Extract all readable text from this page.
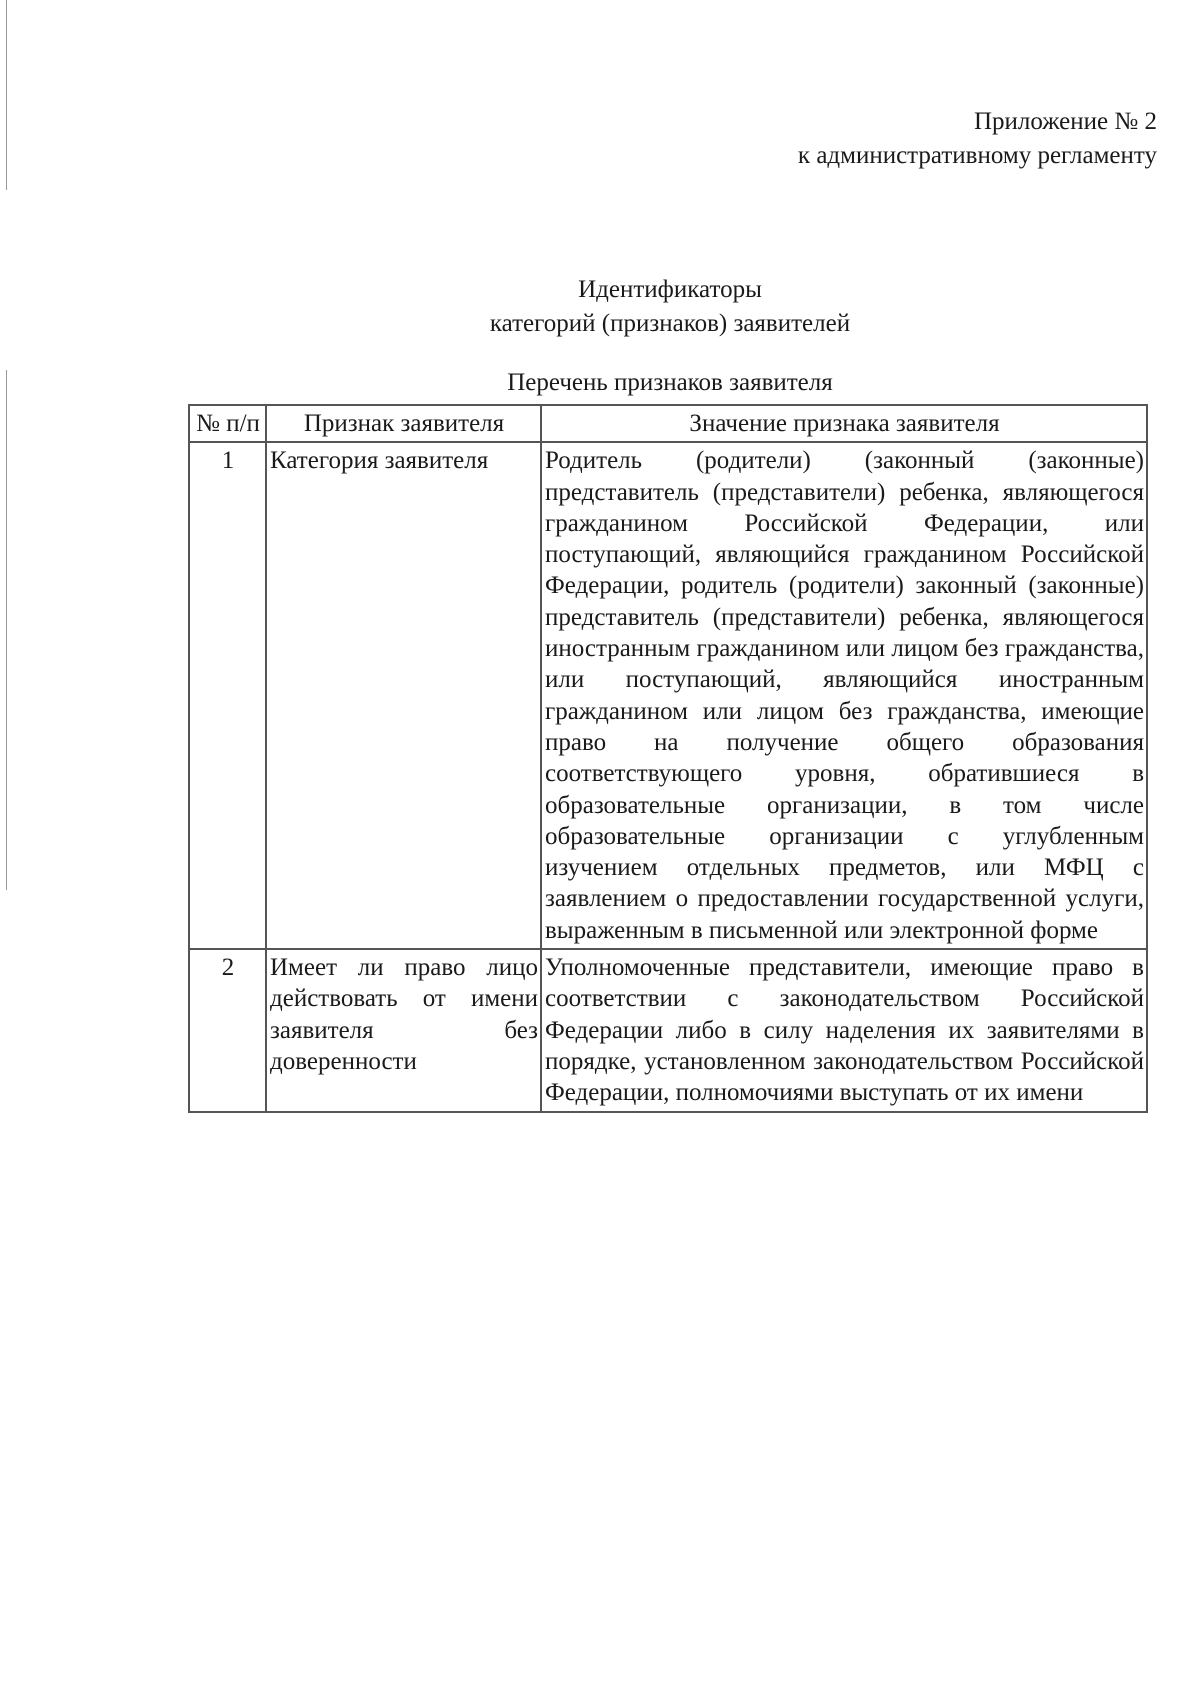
Приложение № 2
к административному регламенту
Идентификаторы
категорий (признаков) заявителей
Перечень признаков заявителя
№ п/п	Признак заявителя	Значение признака заявителя
1	Категория заявителя	Родитель (родители) (законный (законные) представитель (представители) ребенка, являющегося гражданином Российской Федерации, или поступающий, являющийся гражданином Российской Федерации, родитель (родители) законный (законные) представитель (представители) ребенка, являющегося иностранным гражданином или лицом без гражданства, или поступающий, являющийся иностранным гражданином или лицом без гражданства, имеющие право на получение общего образования соответствующего уровня, обратившиеся в образовательные организации, в том числе образовательные организации с углубленным изучением отдельных предметов, или МФЦ с заявлением о предоставлении государственной услуги, выраженным в письменной или электронной форме

2	Имеет ли право лицо действовать от имени заявителя без доверенности	Уполномоченные представители, имеющие право в соответствии с законодательством Российской Федерации либо в силу наделения их заявителями в порядке, установленном законодательством Российской Федерации, полномочиями выступать от их имени
